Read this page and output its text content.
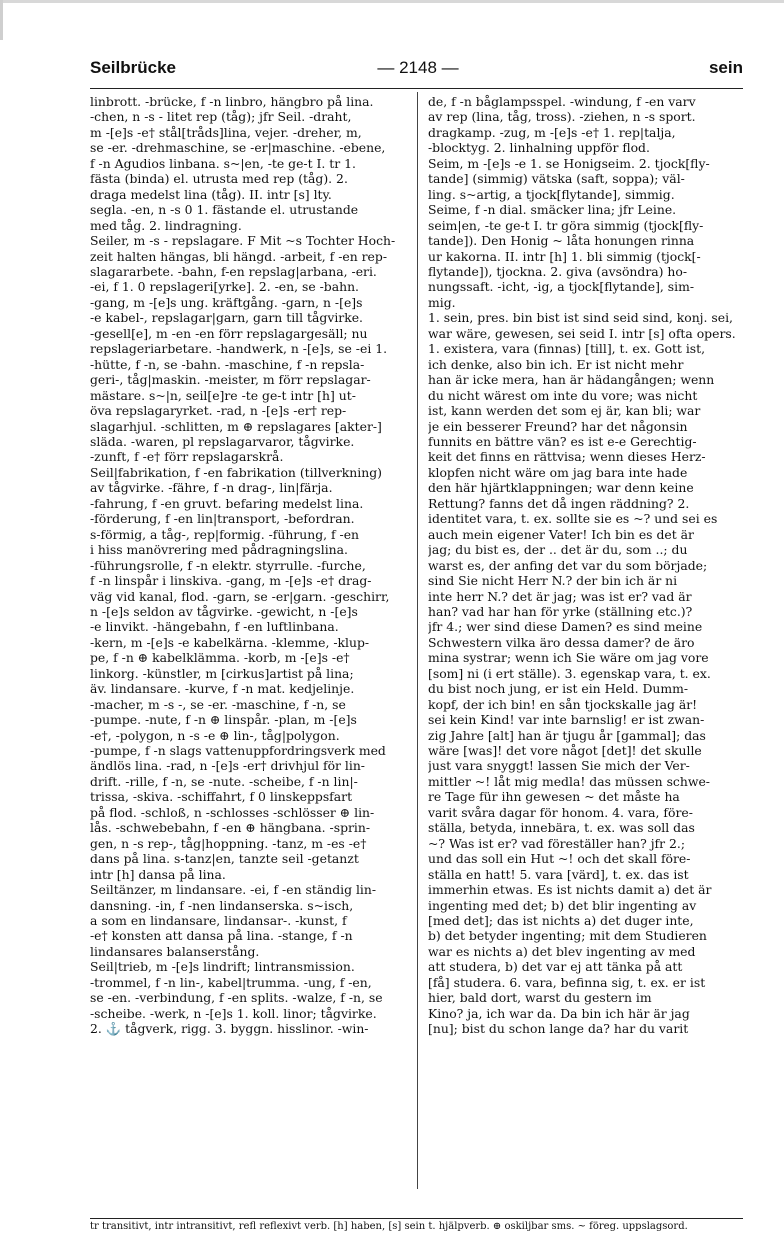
Seilbrücke	— 2148 —	sein
linbrott. -brücke, f -n linbro, hängbro på lina.
-chen, n -s - litet rep (tåg); jfr Seil. -draht,
m -[e]s -e† stål[tråds]lina, vejer. -dreher, m,
se -er. -drehmaschine, se -er|maschine. -ebene,
f -n Agudios linbana. s~|en, -te ge-t I. tr 1.
fästa (binda) el. utrusta med rep (tåg). 2.
draga medelst lina (tåg). II. intr [s] lty.
segla. -en, n -s 0 1. fästande el. utrustande
med tåg. 2. lindragning.
Seiler, m -s - repslagare. F Mit ~s Tochter Hoch-
zeit halten hängas, bli hängd. -arbeit, f -en rep-
slagararbete. -bahn, f-en repslag|arbana, -eri.
-ei, f 1. 0 repslageri[yrke]. 2. -en, se -bahn.
-gang, m -[e]s ung. kräftgång. -garn, n -[e]s
-e kabel-, repslagar|garn, garn till tågvirke.
-gesell[e], m -en -en förr repslagargesäll; nu
repslageriarbetare. -handwerk, n -[e]s, se -ei 1.
-hütte, f -n, se -bahn. -maschine, f -n repsla-
geri-, tåg|maskin. -meister, m förr repslagar-
mästare. s~|n, seil[e]re -te ge-t intr [h] ut-
öva repslagaryrket. -rad, n -[e]s -er† rep-
slagarhjul. -schlitten, m ⊕ repslagares [akter-]
släda. -waren, pl repslagarvaror, tågvirke.
-zunft, f -e† förr repslagarskrå.
Seil|fabrikation, f -en fabrikation (tillverkning)
av tågvirke. -fähre, f -n drag-, lin|färja.
-fahrung, f -en gruvt. befaring medelst lina.
-förderung, f -en lin|transport, -befordran.
s-förmig, a tåg-, rep|formig. -führung, f -en
i hiss manövrering med pådragningslina.
-führungsrolle, f -n elektr. styrrulle. -furche,
f -n linspår i linskiva. -gang, m -[e]s -e† drag-
väg vid kanal, flod. -garn, se -er|garn. -geschirr,
n -[e]s seldon av tågvirke. -gewicht, n -[e]s
-e linvikt. -hängebahn, f -en luftlinbana.
-kern, m -[e]s -e kabelkärna. -klemme, -klup-
pe, f -n ⊕ kabelklämma. -korb, m -[e]s -e†
linkorg. -künstler, m [cirkus]artist på lina;
äv. lindansare. -kurve, f -n mat. kedjelinje.
-macher, m -s -, se -er. -maschine, f -n, se
-pumpe. -nute, f -n ⊕ linspår. -plan, m -[e]s
-e†, -polygon, n -s -e ⊕ lin-, tåg|polygon.
-pumpe, f -n slags vattenuppfordringsverk med
ändlös lina. -rad, n -[e]s -er† drivhjul för lin-
drift. -rille, f -n, se -nute. -scheibe, f -n lin|-
trissa, -skiva. -schiffahrt, f 0 linskeppsfart
på flod. -schloß, n -schlosses -schlösser ⊕ lin-
lås. -schwebebahn, f -en ⊕ hängbana. -sprin-
gen, n -s rep-, tåg|hoppning. -tanz, m -es -e†
dans på lina. s-tanz|en, tanzte seil -getanzt
intr [h] dansa på lina.
Seiltänzer, m lindansare. -ei, f -en ständig lin-
dansning. -in, f -nen lindanserska. s~isch,
a som en lindansare, lindansar-. -kunst, f
-e† konsten att dansa på lina. -stange, f -n
lindansares balanserstång.
Seil|trieb, m -[e]s lindrift; lintransmission.
-trommel, f -n lin-, kabel|trumma. -ung, f -en,
se -en. -verbindung, f -en splits. -walze, f -n, se
-scheibe. -werk, n -[e]s 1. koll. linor; tågvirke.
2. ⚓ tågverk, rigg. 3. byggn. hisslinor. -win-
de, f -n båglampsspel. -windung, f -en varv
av rep (lina, tåg, tross). -ziehen, n -s sport.
dragkamp. -zug, m -[e]s -e† 1. rep|talja,
-blocktyg. 2. linhalning uppför flod.
Seim, m -[e]s -e 1. se Honigseim. 2. tjock[fly-
tande] (simmig) vätska (saft, soppa); väl-
ling. s~artig, a tjock[flytande], simmig.
Seime, f -n dial. smäcker lina; jfr Leine.
seim|en, -te ge-t I. tr göra simmig (tjock[fly-
tande]). Den Honig ~ låta honungen rinna
ur kakorna. II. intr [h] 1. bli simmig (tjock[-
flytande]), tjockna. 2. giva (avsöndra) ho-
nungssaft. -icht, -ig, a tjock[flytande], sim-
mig.
1. sein, pres. bin bist ist sind seid sind, konj. sei,
war wäre, gewesen, sei seid I. intr [s] ofta opers.
1. existera, vara (finnas) [till], t. ex. Gott ist,
ich denke, also bin ich. Er ist nicht mehr
han är icke mera, han är hädangången; wenn
du nicht wärest om inte du vore; was nicht
ist, kann werden det som ej är, kan bli; war
je ein besserer Freund? har det någonsin
funnits en bättre vän? es ist e-e Gerechtig-
keit det finns en rättvisa; wenn dieses Herz-
klopfen nicht wäre om jag bara inte hade
den här hjärtklappningen; war denn keine
Rettung? fanns det då ingen räddning? 2.
identitet vara, t. ex. sollte sie es ~? und sei es
auch mein eigener Vater! Ich bin es det är
jag; du bist es, der .. det är du, som ..; du
warst es, der anfing det var du som började;
sind Sie nicht Herr N.? der bin ich är ni
inte herr N.? det är jag; was ist er? vad är
han? vad har han för yrke (ställning etc.)?
jfr 4.; wer sind diese Damen? es sind meine
Schwestern vilka äro dessa damer? de äro
mina systrar; wenn ich Sie wäre om jag vore
[som] ni (i ert ställe). 3. egenskap vara, t. ex.
du bist noch jung, er ist ein Held. Dumm-
kopf, der ich bin! en sån tjockskalle jag är!
sei kein Kind! var inte barnslig! er ist zwan-
zig Jahre [alt] han är tjugu år [gammal]; das
wäre [was]! det vore något [det]! det skulle
just vara snyggt! lassen Sie mich der Ver-
mittler ~! låt mig medla! das müssen schwe-
re Tage für ihn gewesen ~ det måste ha
varit svåra dagar för honom. 4. vara, före-
ställa, betyda, innebära, t. ex. was soll das
~? Was ist er? vad föreställer han? jfr 2.;
und das soll ein Hut ~! och det skall före-
ställa en hatt! 5. vara [värd], t. ex. das ist
immerhin etwas. Es ist nichts damit a) det är
ingenting med det; b) det blir ingenting av
[med det]; das ist nichts a) det duger inte,
b) det betyder ingenting; mit dem Studieren
war es nichts a) det blev ingenting av med
att studera, b) det var ej att tänka på att
[få] studera. 6. vara, befinna sig, t. ex. er ist
hier, bald dort, warst du gestern im
Kino? ja, ich war da. Da bin ich här är jag
[nu]; bist du schon lange da? har du varit
tr transitivt, intr intransitivt, refl reflexivt verb. [h] haben, [s] sein t. hjälpverb. ⊕ oskiljbar sms. ~ föreg. uppslagsord.
